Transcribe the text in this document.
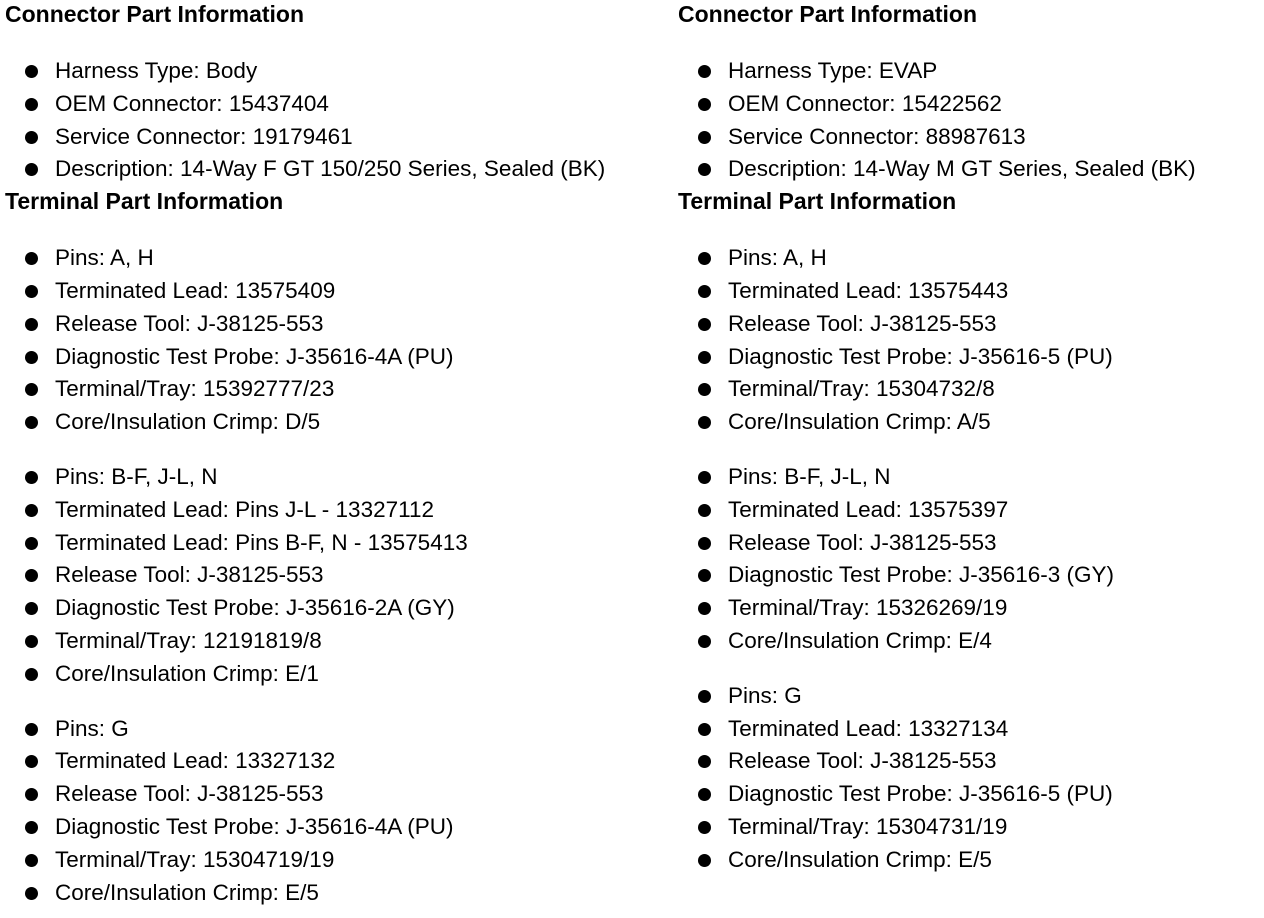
Connector Part Information
Harness Type: Body
OEM Connector: 15437404
Service Connector: 19179461
Description: 14-Way F GT 150/250 Series, Sealed (BK)
Terminal Part Information
Pins: A, H
Terminated Lead: 13575409
Release Tool: J-38125-553
Diagnostic Test Probe: J-35616-4A (PU)
Terminal/Tray: 15392777/23
Core/Insulation Crimp: D/5
Pins: B-F, J-L, N
Terminated Lead: Pins J-L - 13327112
Terminated Lead: Pins B-F, N - 13575413
Release Tool: J-38125-553
Diagnostic Test Probe: J-35616-2A (GY)
Terminal/Tray: 12191819/8
Core/Insulation Crimp: E/1
Pins: G
Terminated Lead: 13327132
Release Tool: J-38125-553
Diagnostic Test Probe: J-35616-4A (PU)
Terminal/Tray: 15304719/19
Core/Insulation Crimp: E/5
Connector Part Information
Harness Type: EVAP
OEM Connector: 15422562
Service Connector: 88987613
Description: 14-Way M GT Series, Sealed (BK)
Terminal Part Information
Pins: A, H
Terminated Lead: 13575443
Release Tool: J-38125-553
Diagnostic Test Probe: J-35616-5 (PU)
Terminal/Tray: 15304732/8
Core/Insulation Crimp: A/5
Pins: B-F, J-L, N
Terminated Lead: 13575397
Release Tool: J-38125-553
Diagnostic Test Probe: J-35616-3 (GY)
Terminal/Tray: 15326269/19
Core/Insulation Crimp: E/4
Pins: G
Terminated Lead: 13327134
Release Tool: J-38125-553
Diagnostic Test Probe: J-35616-5 (PU)
Terminal/Tray: 15304731/19
Core/Insulation Crimp: E/5
